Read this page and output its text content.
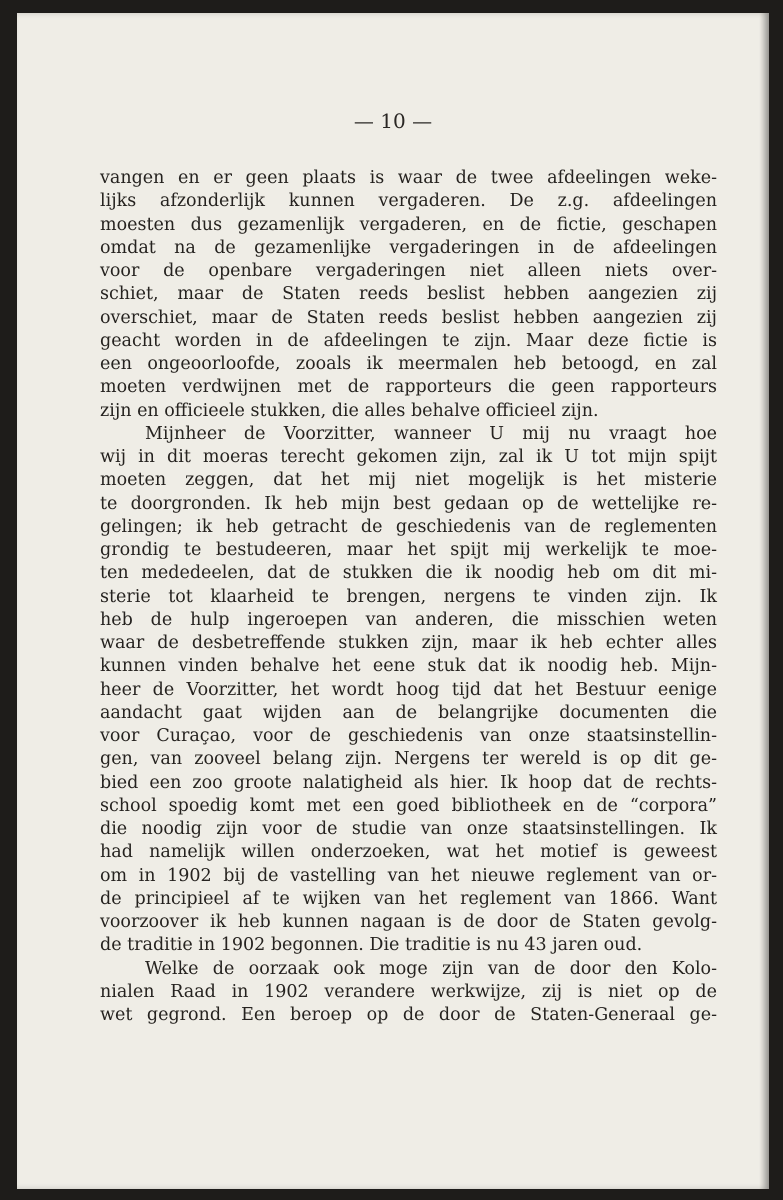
— 10 —
vangen en er geen plaats is waar de twee afdeelingen weke-
lijks afzonderlijk kunnen vergaderen. De z.g. afdeelingen
moesten dus gezamenlijk vergaderen, en de fictie, geschapen
omdat na de gezamenlijke vergaderingen in de afdeelingen
voor de openbare vergaderingen niet alleen niets over-
schiet, maar de Staten reeds beslist hebben aangezien zij
overschiet, maar de Staten reeds beslist hebben aangezien zij
geacht worden in de afdeelingen te zijn. Maar deze fictie is
een ongeoorloofde, zooals ik meermalen heb betoogd, en zal
moeten verdwijnen met de rapporteurs die geen rapporteurs
zijn en officieele stukken, die alles behalve officieel zijn.
Mijnheer de Voorzitter, wanneer U mij nu vraagt hoe
wij in dit moeras terecht gekomen zijn, zal ik U tot mijn spijt
moeten zeggen, dat het mij niet mogelijk is het misterie
te doorgronden. Ik heb mijn best gedaan op de wettelijke re-
gelingen; ik heb getracht de geschiedenis van de reglementen
grondig te bestudeeren, maar het spijt mij werkelijk te moe-
ten mededeelen, dat de stukken die ik noodig heb om dit mi-
sterie tot klaarheid te brengen, nergens te vinden zijn. Ik
heb de hulp ingeroepen van anderen, die misschien weten
waar de desbetreffende stukken zijn, maar ik heb echter alles
kunnen vinden behalve het eene stuk dat ik noodig heb. Mijn-
heer de Voorzitter, het wordt hoog tijd dat het Bestuur eenige
aandacht gaat wijden aan de belangrijke documenten die
voor Curaçao, voor de geschiedenis van onze staatsinstellin-
gen, van zooveel belang zijn. Nergens ter wereld is op dit ge-
bied een zoo groote nalatigheid als hier. Ik hoop dat de rechts-
school spoedig komt met een goed bibliotheek en de “corpora”
die noodig zijn voor de studie van onze staatsinstellingen. Ik
had namelijk willen onderzoeken, wat het motief is geweest
om in 1902 bij de vastelling van het nieuwe reglement van or-
de principieel af te wijken van het reglement van 1866. Want
voorzoover ik heb kunnen nagaan is de door de Staten gevolg-
de traditie in 1902 begonnen. Die traditie is nu 43 jaren oud.
Welke de oorzaak ook moge zijn van de door den Kolo-
nialen Raad in 1902 verandere werkwijze, zij is niet op de
wet gegrond. Een beroep op de door de Staten-Generaal ge-
